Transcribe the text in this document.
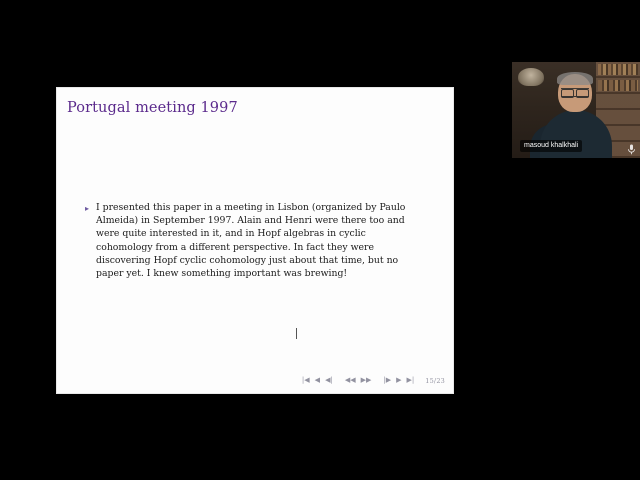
Portugal meeting 1997
▸ I presented this paper in a meeting in Lisbon (organized by Paulo Almeida) in September 1997. Alain and Henri were there too and were quite interested in it, and in Hopf algebras in cyclic cohomology from a different perspective. In fact they were discovering Hopf cyclic cohomology just about that time, but no paper yet. I knew something important was brewing!
|◀ ◀ ◀| ◀◀ ▶▶ |▶ ▶ ▶| 15/23
masoud khalkhali
